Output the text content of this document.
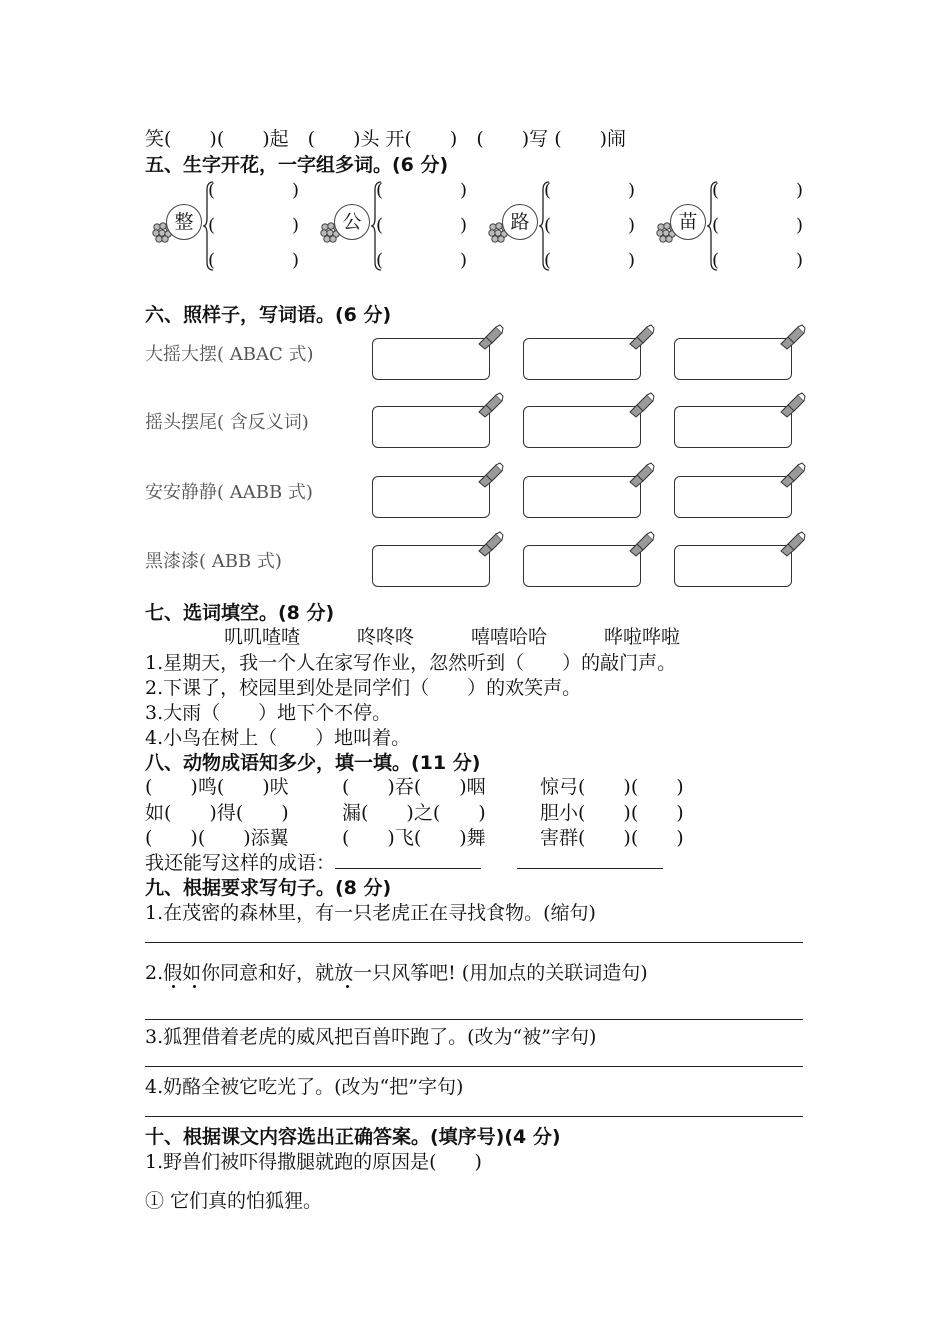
笑(　　)(　　)起　(　　)头 开(　　)　(　　)写 (　　)闹
五、生字开花，一字组多词。(6 分)
整
(	)
(	)
(	)
公
(	)
(	)
(	)
路
(	)
(	)
(	)
苗
(	)
(	)
(	)
六、照样子，写词语。(6 分)
大摇大摆( ABAC 式)
摇头摆尾( 含反义词)
安安静静( AABB 式)
黑漆漆( ABB 式)
七、选词填空。(8 分)
叽叽喳喳　　　咚咚咚　　　嘻嘻哈哈　　　哗啦哗啦
1.星期天，我一个人在家写作业，忽然听到（　　）的敲门声。
2.下课了，校园里到处是同学们（　　）的欢笑声。
3.大雨（　　）地下个不停。
4.小鸟在树上（　　）地叫着。
八、动物成语知多少，填一填。(11 分)
(　　)鸣(　　)吠	(　　)吞(　　)咽	惊弓(　　)(　　)
如(　　)得(　　)	漏(　　)之(　　)	胆小(　　)(　　)
(　　)(　　)添翼	(　　)飞(　　)舞	害群(　　)(　　)
我还能写这样的成语：
九、根据要求写句子。(8 分)
1.在茂密的森林里，有一只老虎正在寻找食物。(缩句)
2.假如你同意和好，就放一只风筝吧! (用加点的关联词造句)
3.狐狸借着老虎的威风把百兽吓跑了。(改为“被”字句)
4.奶酪全被它吃光了。(改为“把”字句)
十、根据课文内容选出正确答案。(填序号)(4 分)
1.野兽们被吓得撒腿就跑的原因是(　　)
① 它们真的怕狐狸。
